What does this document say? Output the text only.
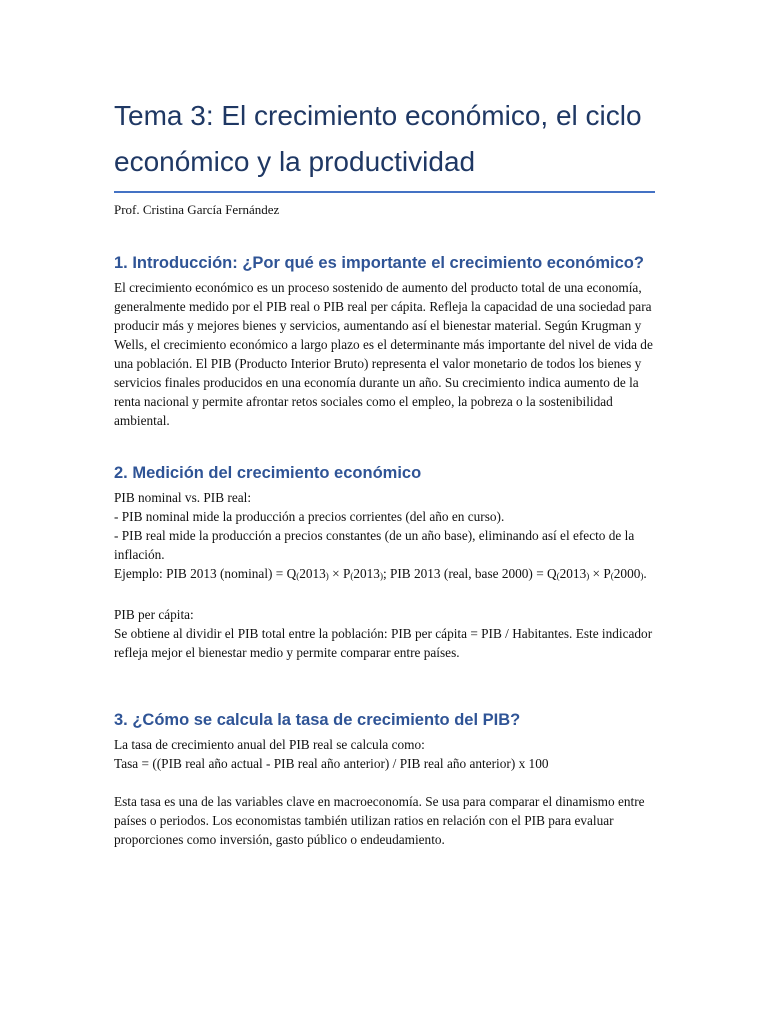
Tema 3: El crecimiento económico, el ciclo económico y la productividad

Prof. Cristina García Fernández

1. Introducción: ¿Por qué es importante el crecimiento económico?

El crecimiento económico es un proceso sostenido de aumento del producto total de una economía, generalmente medido por el PIB real o PIB real per cápita. Refleja la capacidad de una sociedad para producir más y mejores bienes y servicios, aumentando así el bienestar material. Según Krugman y Wells, el crecimiento económico a largo plazo es el determinante más importante del nivel de vida de una población. El PIB (Producto Interior Bruto) representa el valor monetario de todos los bienes y servicios finales producidos en una economía durante un año. Su crecimiento indica aumento de la renta nacional y permite afrontar retos sociales como el empleo, la pobreza o la sostenibilidad ambiental.

2. Medición del crecimiento económico

PIB nominal vs. PIB real:

- PIB nominal mide la producción a precios corrientes (del año en curso).

- PIB real mide la producción a precios constantes (de un año base), eliminando así el efecto de la inflación.

Ejemplo: PIB 2013 (nominal) = $Q_(2013_) \times P_(2013_)$; PIB 2013 (real, base $2000) = Q_(2013_) \times P_(2000_)$.

PIB per cápita:

Se obtiene al dividir el PIB total entre la población: PIB per cápita = PIB / Habitantes. Este indicador refleja mejor el bienestar medio y permite comparar entre países.

3. ¿Cómo se calcula la tasa de crecimiento del PIB?

La tasa de crecimiento anual del PIB real se calcula como:

Tasa = ((PIB real año actual - PIB real año anterior) / PIB real año anterior) x 100

Esta tasa es una de las variables clave en macroeconomía. Se usa para comparar el dinamismo entre países o periodos. Los economistas también utilizan ratios en relación con el PIB para evaluar proporciones como inversión, gasto público o endeudamiento.
